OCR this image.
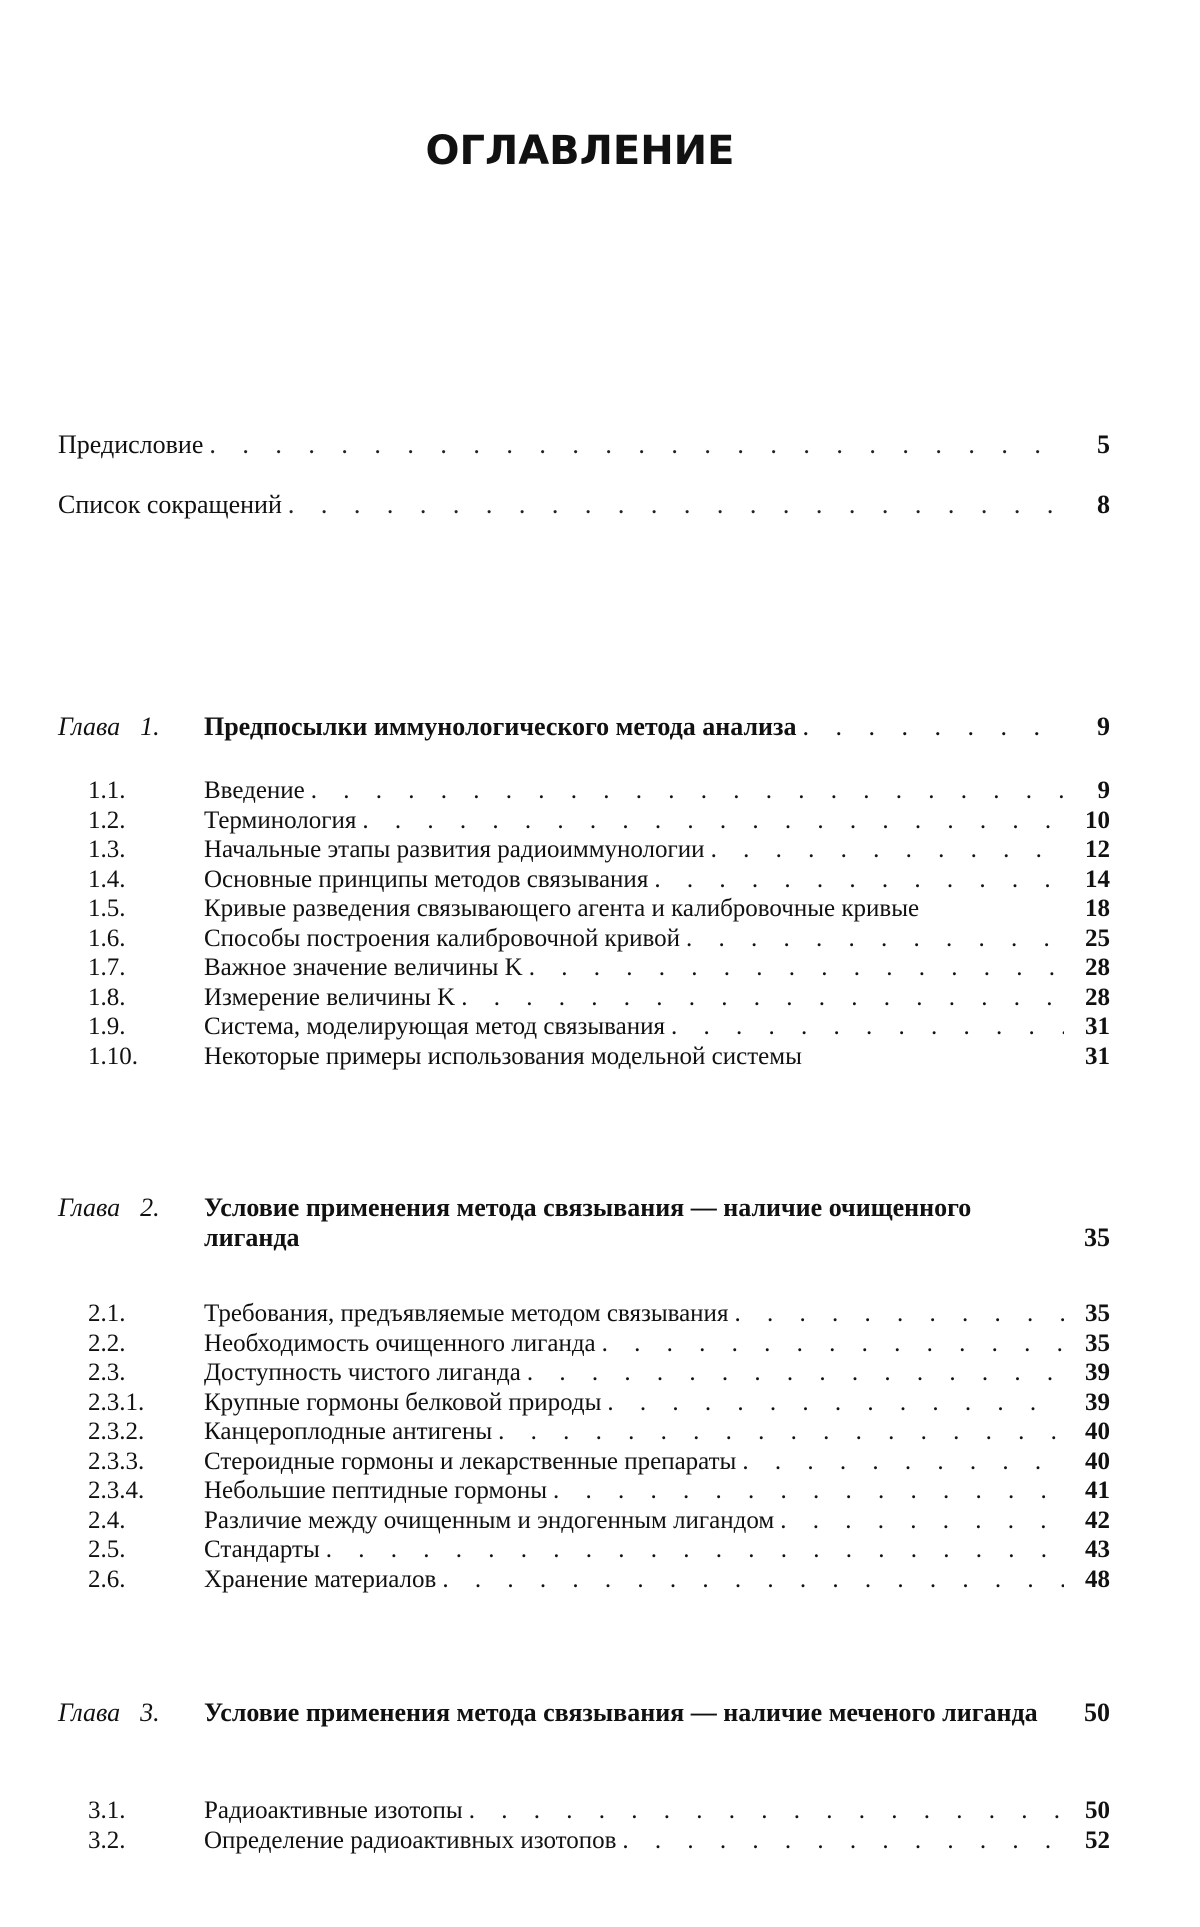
ОГЛАВЛЕНИЕ
Предисловие . . .	5
Список сокращений . . .	8
Глава 1. Предпосылки иммунологического метода анализа . . .	9
1.1.	Введение . . .	9
1.2.	Терминология . . .	10
1.3.	Начальные этапы развития радиоиммунологии . . .	12
1.4.	Основные принципы методов связывания . . .	14
1.5.	Кривые разведения связывающего агента и калибровочные кривые	18
1.6.	Способы построения калибровочной кривой . . .	25
1.7.	Важное значение величины K . . .	28
1.8.	Измерение величины K . . .	28
1.9.	Система, моделирующая метод связывания . . .	31
1.10.	Некоторые примеры использования модельной системы	31
Глава 2. Условие применения метода связывания — наличие очищенного лиганда	35
2.1.	Требования, предъявляемые методом связывания . . .	35
2.2.	Необходимость очищенного лиганда . . .	35
2.3.	Доступность чистого лиганда . . .	39
2.3.1.	Крупные гормоны белковой природы . . .	39
2.3.2.	Канцероплодные антигены . . .	40
2.3.3.	Стероидные гормоны и лекарственные препараты . . .	40
2.3.4.	Небольшие пептидные гормоны . . .	41
2.4.	Различие между очищенным и эндогенным лигандом . . .	42
2.5.	Стандарты . . .	43
2.6.	Хранение материалов . . .	48
Глава 3. Условие применения метода связывания — наличие меченого лиганда	50
3.1.	Радиоактивные изотопы . . .	50
3.2.	Определение радиоактивных изотопов . . .	52
